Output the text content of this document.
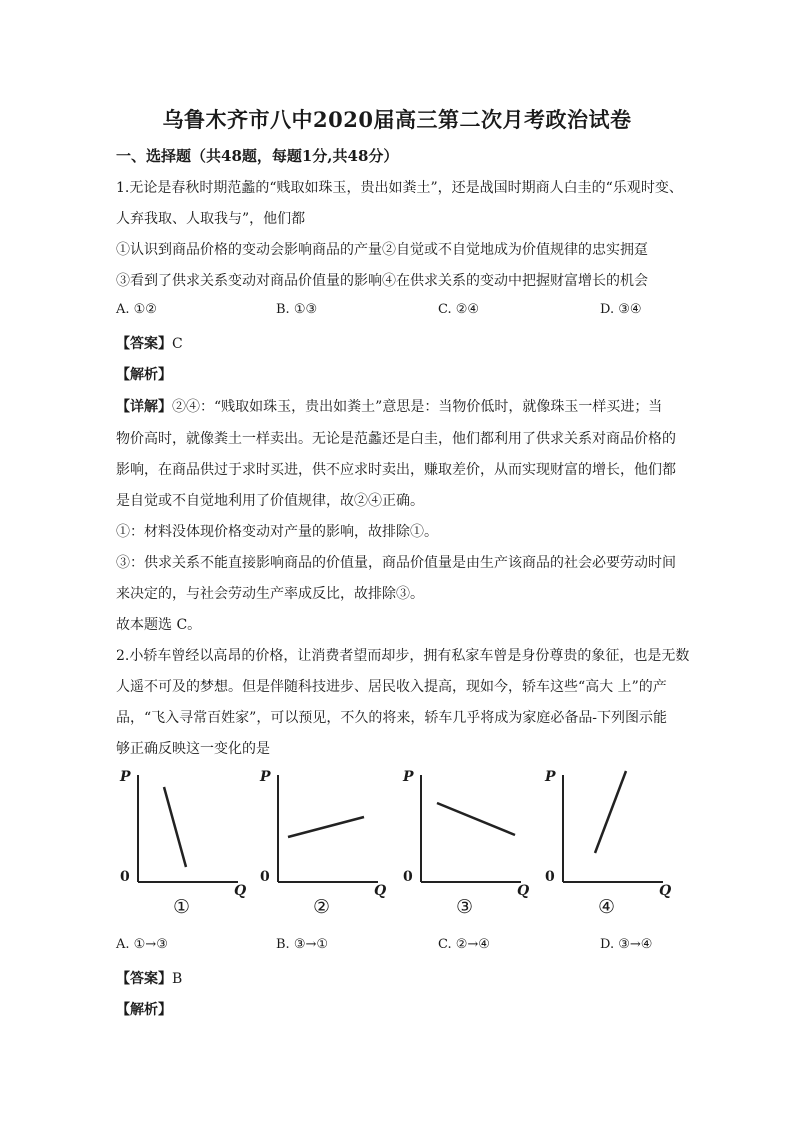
乌鲁木齐市八中2020届高三第二次月考政治试卷
一、选择题（共48题，每题1分,共48分）
1.无论是春秋时期范蠡的“贱取如珠玉，贵出如粪土”，还是战国时期商人白圭的“乐观时变、
人弃我取、人取我与”，他们都
①认识到商品价格的变动会影响商品的产量②自觉或不自觉地成为价值规律的忠实拥趸
③看到了供求关系变动对商品价值量的影响④在供求关系的变动中把握财富增长的机会
A. ①②	B. ①③	C. ②④	D. ③④
【答案】C
【解析】
【详解】②④：“贱取如珠玉，贵出如粪土”意思是：当物价低时，就像珠玉一样买进；当
物价高时，就像粪土一样卖出。无论是范蠡还是白圭，他们都利用了供求关系对商品价格的
影响，在商品供过于求时买进，供不应求时卖出，赚取差价，从而实现财富的增长，他们都
是自觉或不自觉地利用了价值规律，故②④正确。
①：材料没体现价格变动对产量的影响，故排除①。
③：供求关系不能直接影响商品的价值量，商品价值量是由生产该商品的社会必要劳动时间
来决定的，与社会劳动生产率成反比，故排除③。
故本题选 C。
2.小轿车曾经以高昂的价格，让消费者望而却步，拥有私家车曾是身份尊贵的象征，也是无数
人遥不可及的梦想。但是伴随科技进步、居民收入提高，现如今，轿车这些“高大 上”的产
品，“飞入寻常百姓家”，可以预见，不久的将来，轿车几乎将成为家庭必备品-下列图示能
够正确反映这一变化的是
P
0
Q
①
P
0
Q
②
P
0
Q
③
P
0
Q
④
A. ①→③	B. ③→①	C. ②→④	D. ③→④
【答案】B
【解析】
